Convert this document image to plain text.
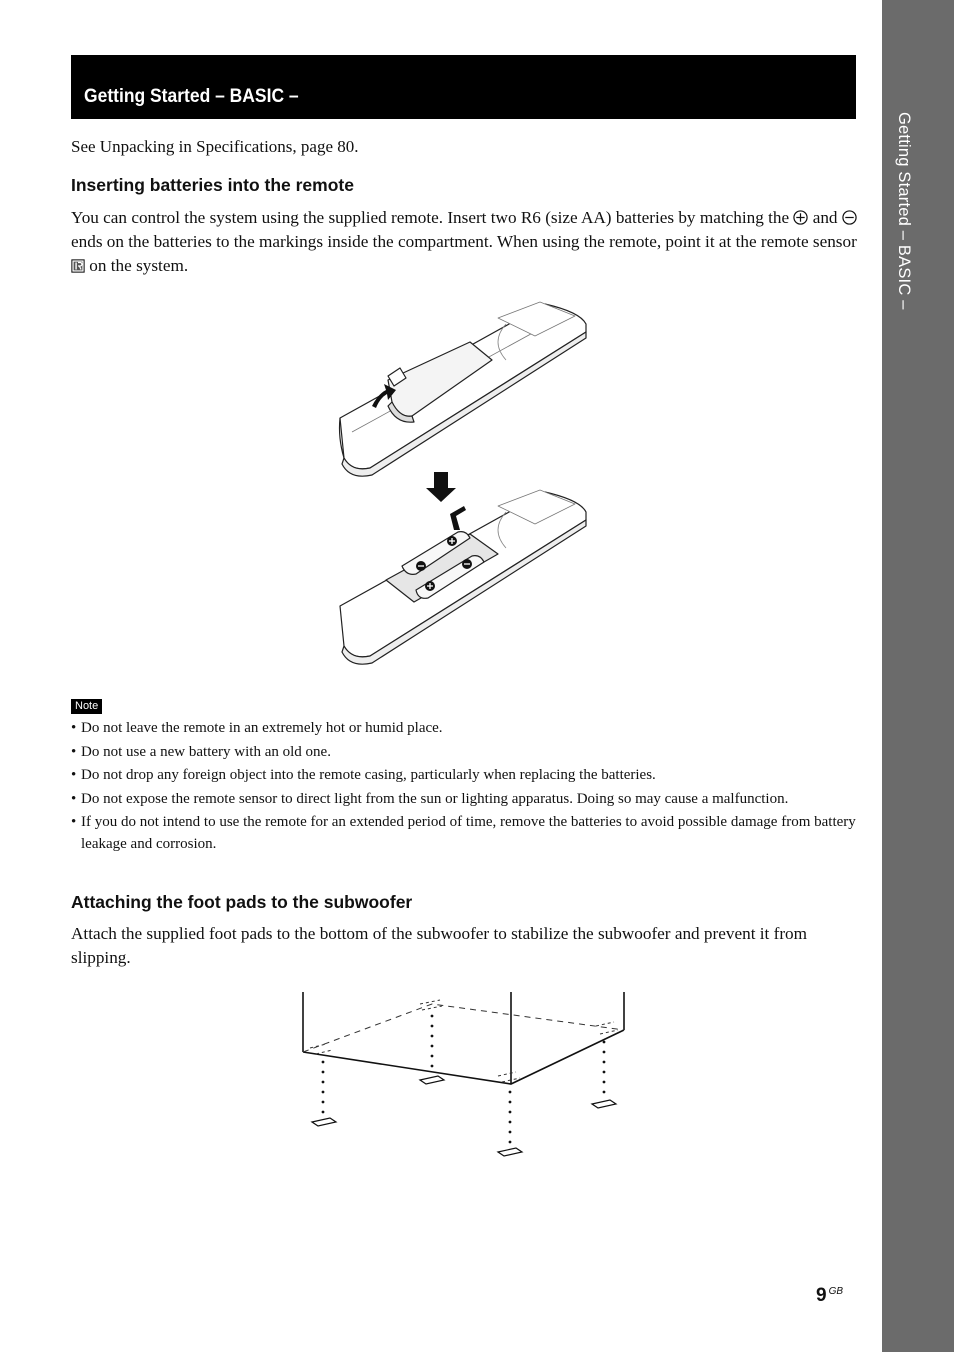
Getting Started – BASIC –
Getting Started – BASIC –
See Unpacking in Specifications, page 80.
Inserting batteries into the remote

You can control the system using the supplied remote. Insert two R6 (size AA) batteries by matching the and  ends on the batteries to the markings inside the compartment. When using the remote, point it at the remote sensor  on the system.

Note
• Do not leave the remote in an extremely hot or humid place.
• Do not use a new battery with an old one.
• Do not drop any foreign object into the remote casing, particularly when replacing the batteries.
• Do not expose the remote sensor to direct light from the sun or lighting apparatus. Doing so may cause a malfunction.
• If you do not intend to use the remote for an extended period of time, remove the batteries to avoid possible damage from battery leakage and corrosion.
Attaching the foot pads to the subwoofer

Attach the supplied foot pads to the bottom of the subwoofer to stabilize the subwoofer and prevent it from slipping.

9 $^{GB}$
